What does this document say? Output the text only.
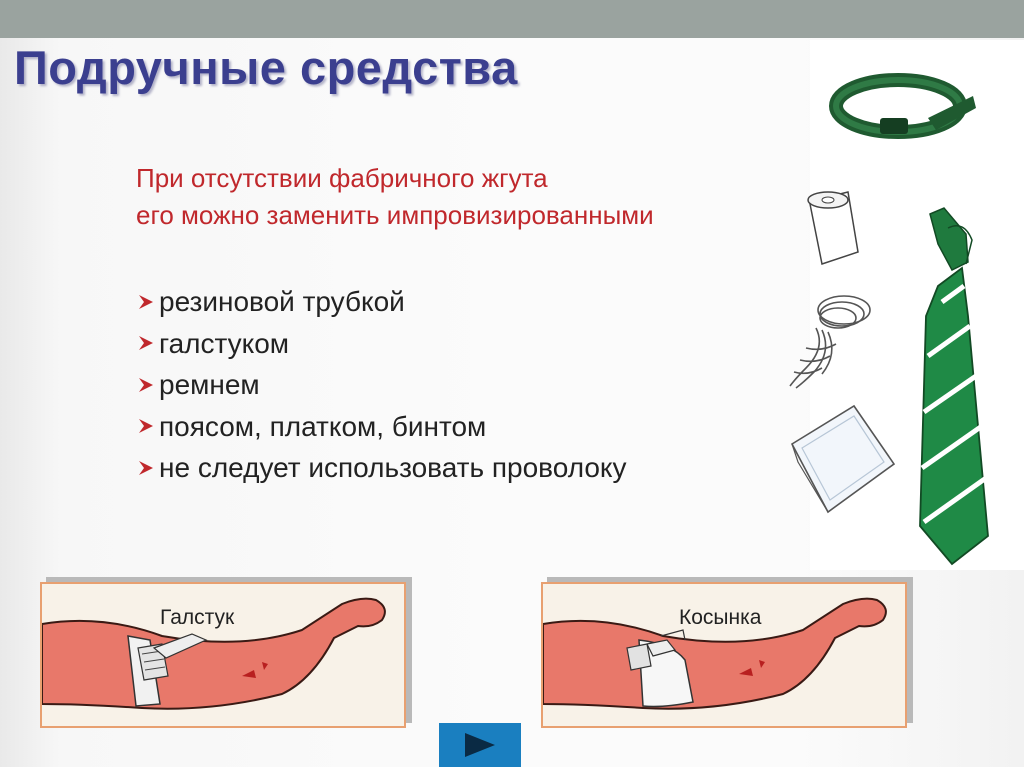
Подручные средства
При отсутствии фабричного жгута
его можно заменить импровизированными
резиновой трубкой
галстуком
ремнем
поясом, платком, бинтом
не следует использовать проволоку
Галстук	Косынка
